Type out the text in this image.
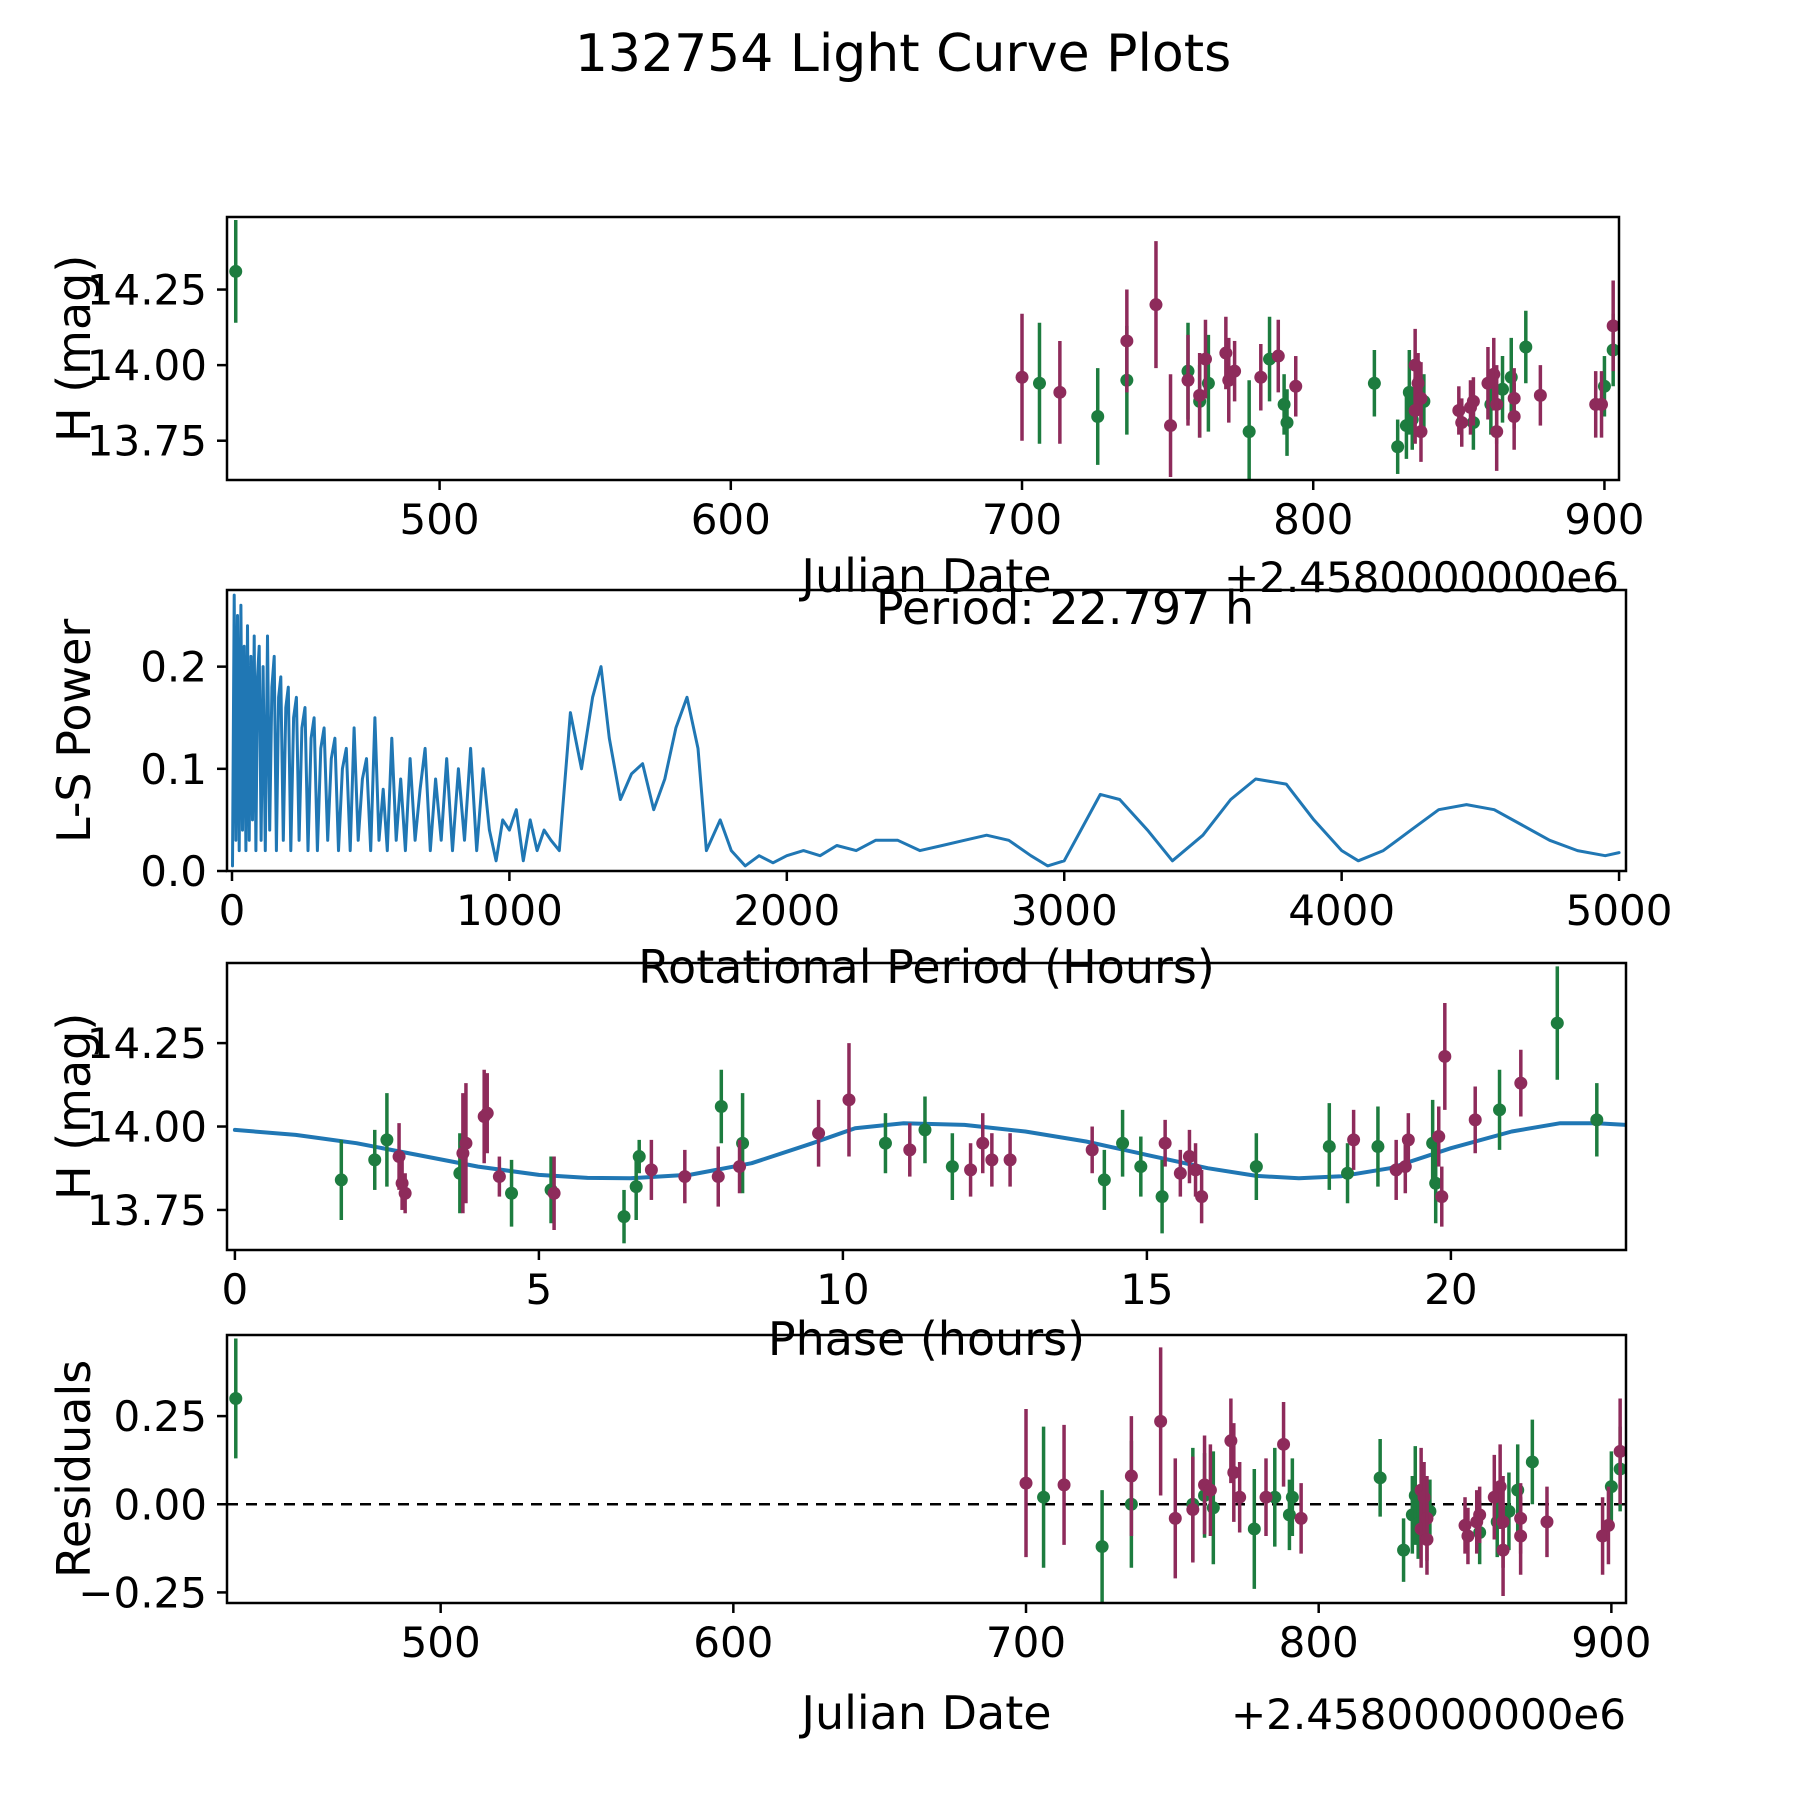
132754 Light Curve Plots
H (mag)
L-S Power
H (mag)
Residuals
Julian Date	+2.4580000000e6
Rotational Period (Hours)
Period: 22.797 h
Phase (hours)
Julian Date	+2.4580000000e6
500	600	700	800	900
13.75
14.00
14.25
0	1000	2000	3000	4000	5000
0.0
0.1
0.2
0	5	10	15	20
13.75
14.00
14.25
500	600	700	800	900
0.25
0.00
−0.25
